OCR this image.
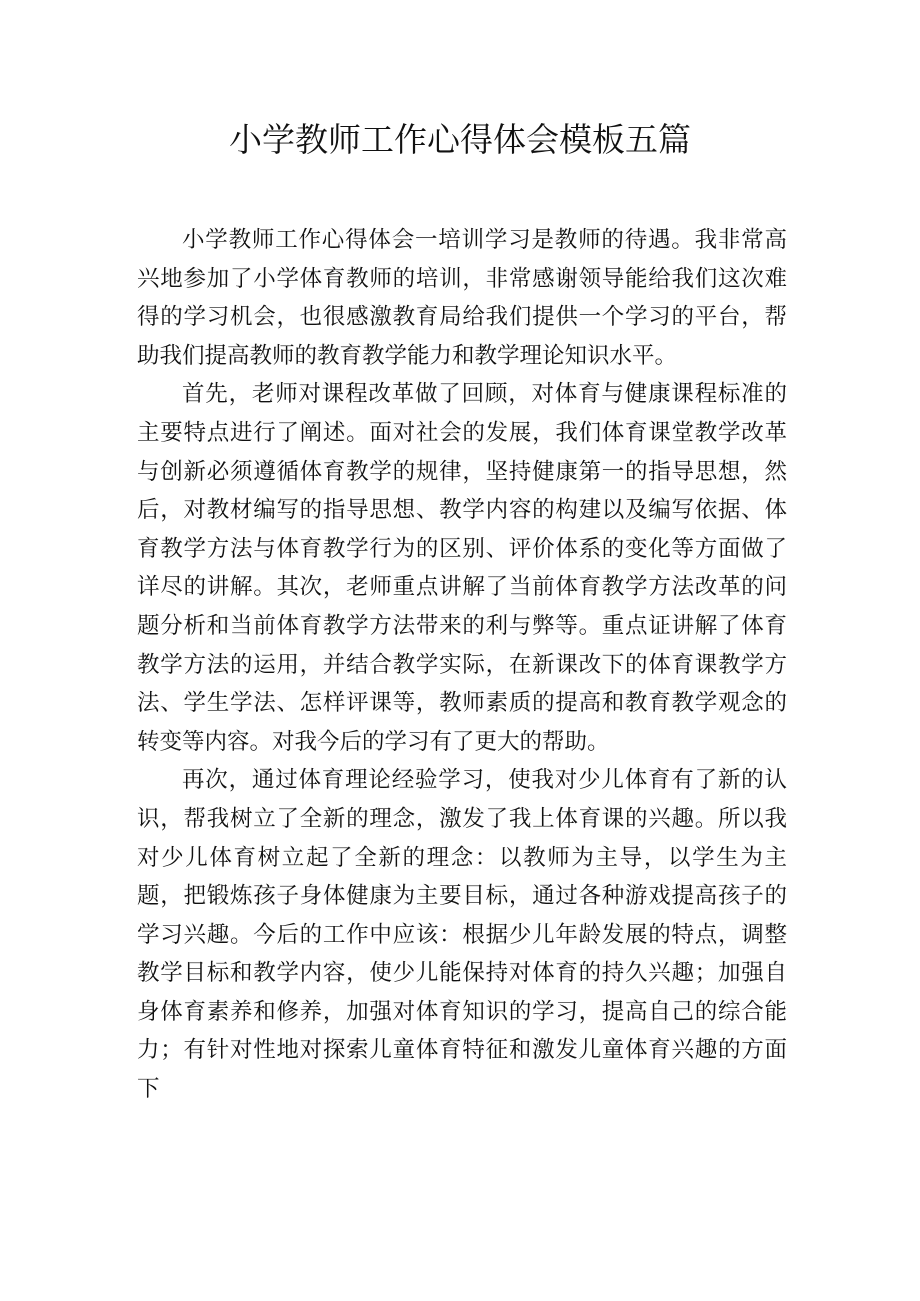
小学教师工作心得体会模板五篇

小学教师工作心得体会一培训学习是教师的待遇。我非常高兴地参加了小学体育教师的培训，非常感谢领导能给我们这次难得的学习机会，也很感激教育局给我们提供一个学习的平台，帮助我们提高教师的教育教学能力和教学理论知识水平。

首先，老师对课程改革做了回顾，对体育与健康课程标准的主要特点进行了阐述。面对社会的发展，我们体育课堂教学改革与创新必须遵循体育教学的规律，坚持健康第一的指导思想，然后，对教材编写的指导思想、教学内容的构建以及编写依据、体育教学方法与体育教学行为的区别、评价体系的变化等方面做了详尽的讲解。其次，老师重点讲解了当前体育教学方法改革的问题分析和当前体育教学方法带来的利与弊等。重点证讲解了体育教学方法的运用，并结合教学实际，在新课改下的体育课教学方法、学生学法、怎样评课等，教师素质的提高和教育教学观念的转变等内容。对我今后的学习有了更大的帮助。

再次，通过体育理论经验学习，使我对少儿体育有了新的认识，帮我树立了全新的理念，激发了我上体育课的兴趣。所以我对少儿体育树立起了全新的理念：以教师为主导，以学生为主题，把锻炼孩子身体健康为主要目标，通过各种游戏提高孩子的学习兴趣。今后的工作中应该：根据少儿年龄发展的特点，调整教学目标和教学内容，使少儿能保持对体育的持久兴趣；加强自身体育素养和修养，加强对体育知识的学习，提高自己的综合能力；有针对性地对探索儿童体育特征和激发儿童体育兴趣的方面下
